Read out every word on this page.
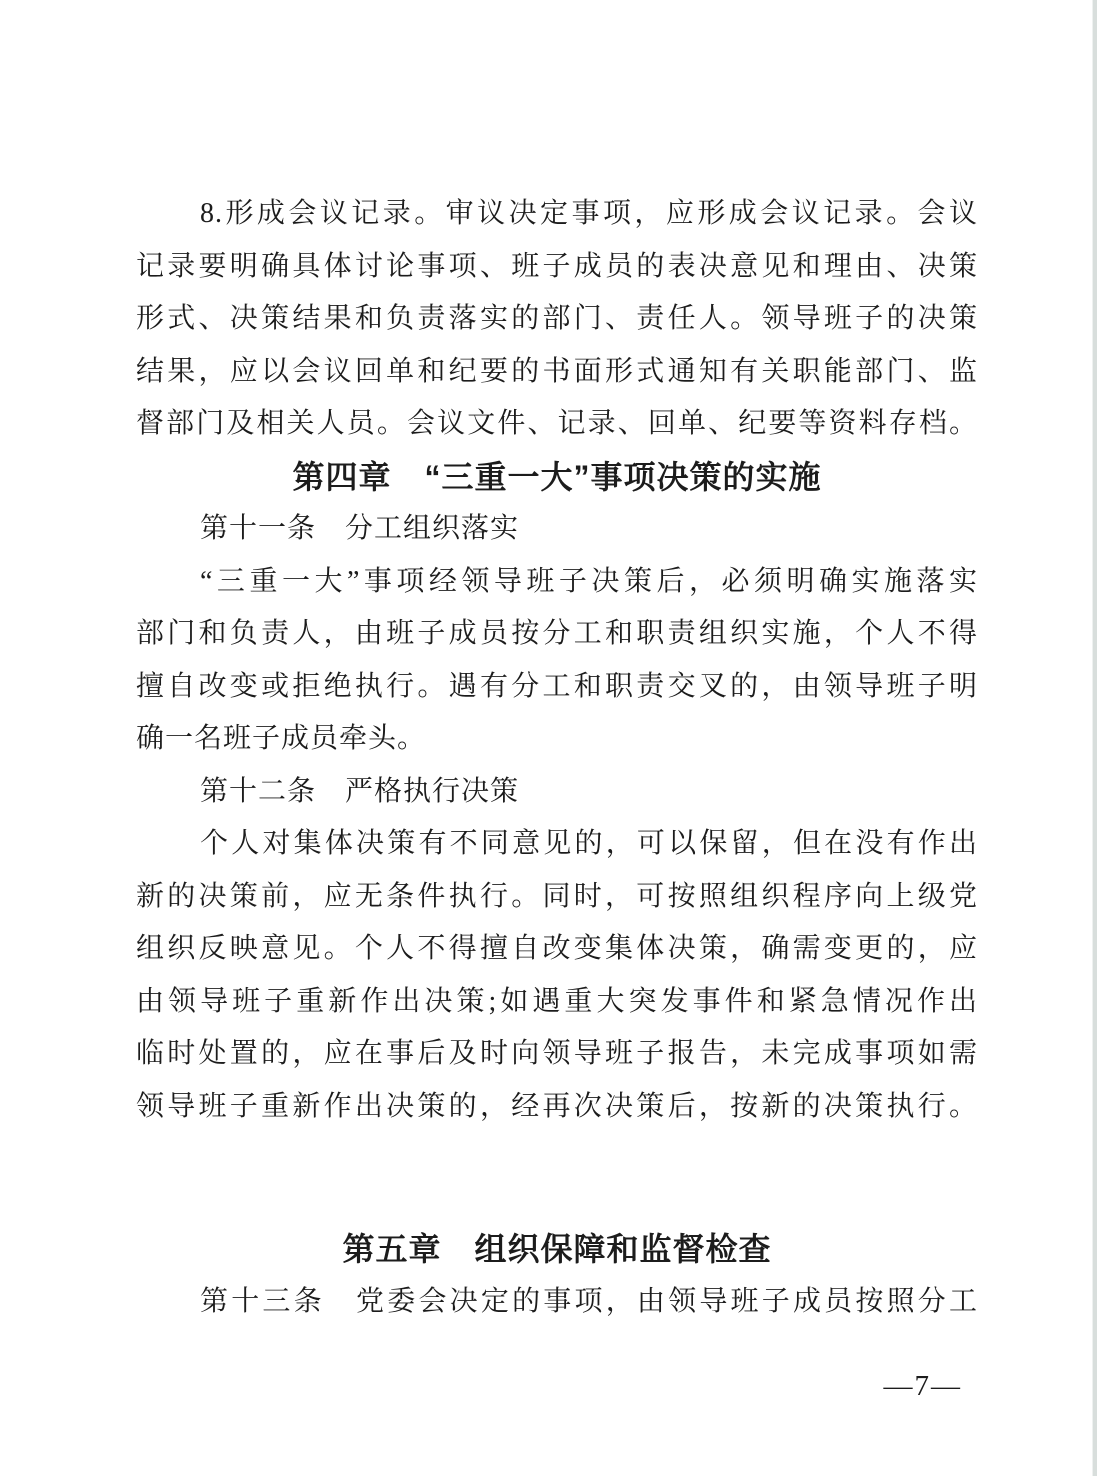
8.形成会议记录。审议决定事项，应形成会议记录。会议
记录要明确具体讨论事项、班子成员的表决意见和理由、决策
形式、决策结果和负责落实的部门、责任人。领导班子的决策
结果，应以会议回单和纪要的书面形式通知有关职能部门、监
督部门及相关人员。会议文件、记录、回单、纪要等资料存档。
第四章　“三重一大”事项决策的实施
第十一条　分工组织落实
“三重一大”事项经领导班子决策后，必须明确实施落实
部门和负责人，由班子成员按分工和职责组织实施，个人不得
擅自改变或拒绝执行。遇有分工和职责交叉的，由领导班子明
确一名班子成员牵头。
第十二条　严格执行决策
个人对集体决策有不同意见的，可以保留，但在没有作出
新的决策前，应无条件执行。同时，可按照组织程序向上级党
组织反映意见。个人不得擅自改变集体决策，确需变更的，应
由领导班子重新作出决策;如遇重大突发事件和紧急情况作出
临时处置的，应在事后及时向领导班子报告，未完成事项如需
领导班子重新作出决策的，经再次决策后，按新的决策执行。
第五章　组织保障和监督检查
第十三条　党委会决定的事项，由领导班子成员按照分工
—7—
